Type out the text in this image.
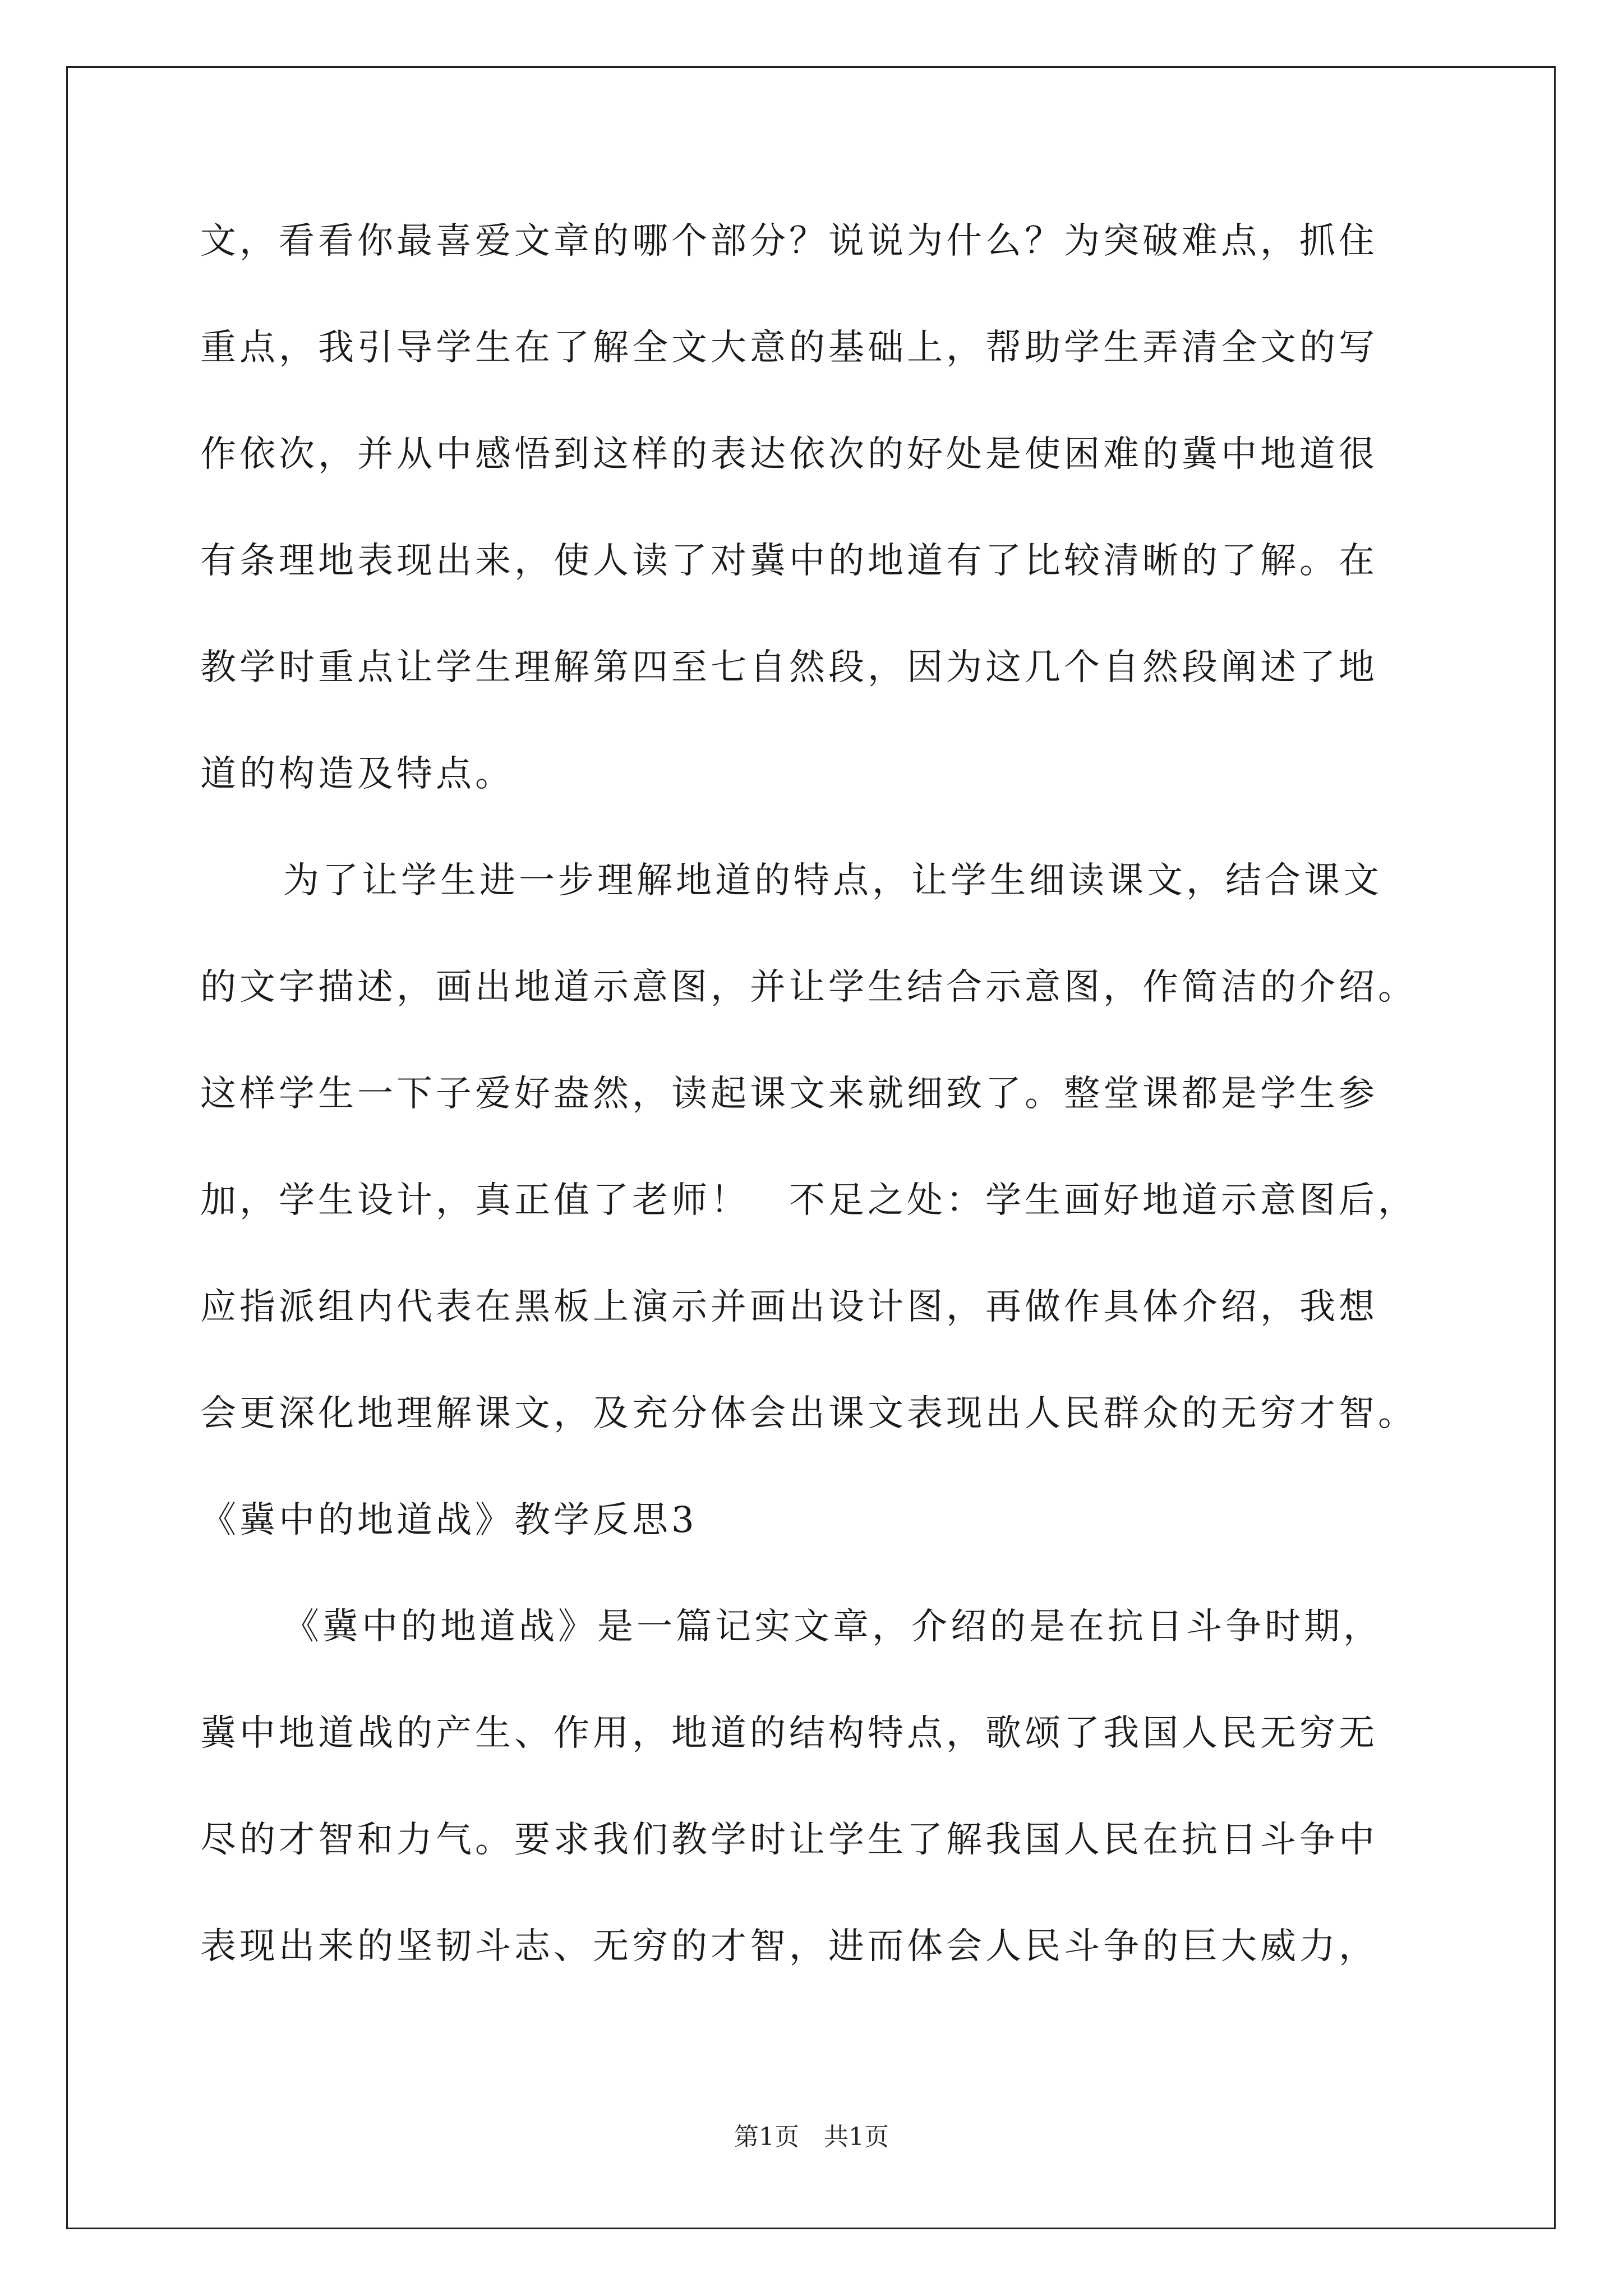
文，看看你最喜爱文章的哪个部分？说说为什么？为突破难点，抓住
重点，我引导学生在了解全文大意的基础上，帮助学生弄清全文的写
作依次，并从中感悟到这样的表达依次的好处是使困难的冀中地道很
有条理地表现出来，使人读了对冀中的地道有了比较清晰的了解。在
教学时重点让学生理解第四至七自然段，因为这几个自然段阐述了地
道的构造及特点。
为了让学生进一步理解地道的特点，让学生细读课文，结合课文
的文字描述，画出地道示意图，并让学生结合示意图，作简洁的介绍。
这样学生一下子爱好盎然，读起课文来就细致了。整堂课都是学生参
加，学生设计，真正值了老师！　不足之处：学生画好地道示意图后，
应指派组内代表在黑板上演示并画出设计图，再做作具体介绍，我想
会更深化地理解课文，及充分体会出课文表现出人民群众的无穷才智。
《冀中的地道战》教学反思3
《冀中的地道战》是一篇记实文章，介绍的是在抗日斗争时期，
冀中地道战的产生、作用，地道的结构特点，歌颂了我国人民无穷无
尽的才智和力气。要求我们教学时让学生了解我国人民在抗日斗争中
表现出来的坚韧斗志、无穷的才智，进而体会人民斗争的巨大威力，
第1页　共1页
